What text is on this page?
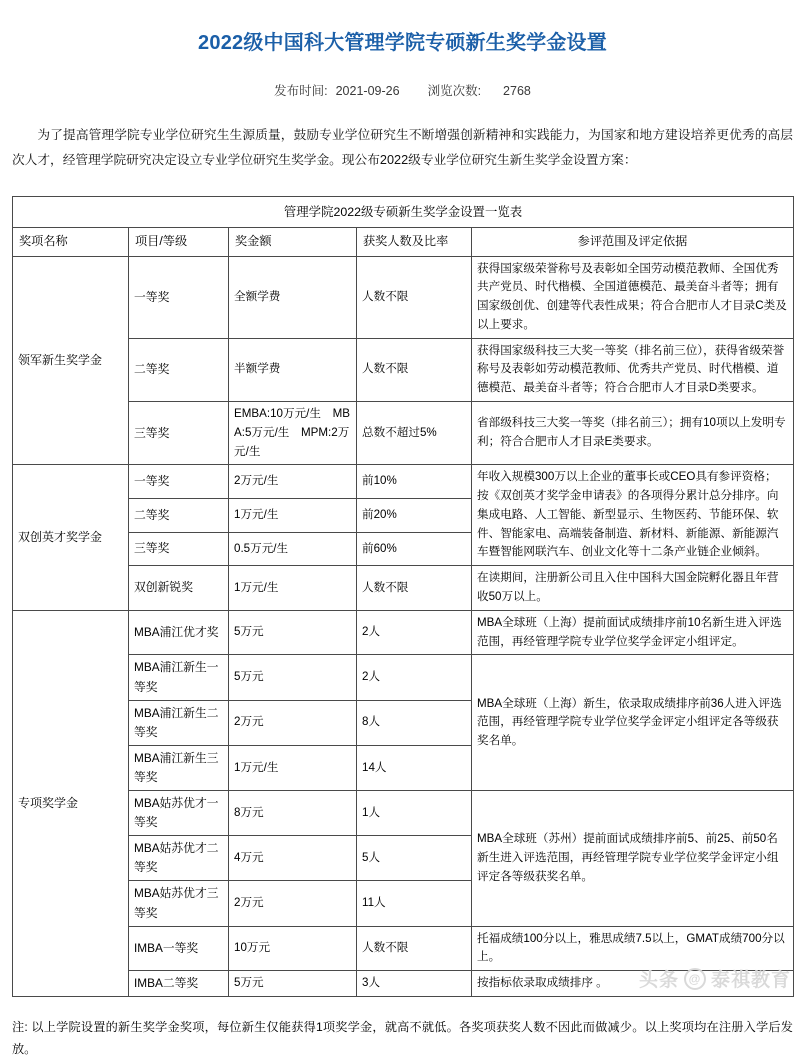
2022级中国科大管理学院专硕新生奖学金设置
发布时间: 2021-09-26 浏览次数: 2768

为了提高管理学院专业学位研究生生源质量，鼓励专业学位研究生不断增强创新精神和实践能力，为国家和地方建设培养更优秀的高层次人才，经管理学院研究决定设立专业学位研究生奖学金。现公布2022级专业学位研究生新生奖学金设置方案：

管理学院2022级专硕新生奖学金设置一览表				
奖项名称	项目/等级	奖金额	获奖人数及比率	参评范围及评定依据
领军新生奖学金	一等奖	全额学费	人数不限	获得国家级荣誉称号及表彰如全国劳动模范教师、全国优秀共产党员、时代楷模、全国道德模范、最美奋斗者等；拥有国家级创优、创建等代表性成果；符合合肥市人才目录C类及以上要求。
	二等奖	半额学费	人数不限	获得国家级科技三大奖一等奖（排名前三位），获得省级荣誉称号及表彰如劳动模范教师、优秀共产党员、时代楷模、道德模范、最美奋斗者等；符合合肥市人才目录D类要求。
	三等奖	EMBA:10万元/生　MBA:5万元/生　MPM:2万元/生	总数不超过5%	省部级科技三大奖一等奖（排名前三）；拥有10项以上发明专利；符合合肥市人才目录E类要求。
双创英才奖学金	一等奖	2万元/生	前10%	年收入规模300万以上企业的董事长或CEO具有参评资格；按《双创英才奖学金申请表》的各项得分累计总分排序。向集成电路、人工智能、新型显示、生物医药、节能环保、软件、智能家电、高端装备制造、新材料、新能源、新能源汽车暨智能网联汽车、创业文化等十二条产业链企业倾斜。
	二等奖	1万元/生	前20%	
	三等奖	0.5万元/生	前60%	
	双创新锐奖	1万元/生	人数不限	在读期间，注册新公司且入住中国科大国金院孵化器且年营收50万以上。
专项奖学金	MBA浦江优才奖	5万元	2人	MBA全球班（上海）提前面试成绩排序前10名新生进入评选范围，再经管理学院专业学位奖学金评定小组评定。
	MBA浦江新生一等奖	5万元	2人	MBA全球班（上海）新生，依录取成绩排序前36人进入评选范围，再经管理学院专业学位奖学金评定小组评定各等级获奖名单。
	MBA浦江新生二等奖	2万元	8人	
	MBA浦江新生三等奖	1万元/生	14人	
	MBA姑苏优才一等奖	8万元	1人	MBA全球班（苏州）提前面试成绩排序前5、前25、前50名新生进入评选范围，再经管理学院专业学位奖学金评定小组评定各等级获奖名单。
	MBA姑苏优才二等奖	4万元	5人	
	MBA姑苏优才三等奖	2万元	11人	
	IMBA一等奖	10万元	人数不限	托福成绩100分以上，雅思成绩7.5以上，GMAT成绩700分以上。
	IMBA二等奖	5万元	3人	按指标依录取成绩排序 。

注: 以上学院设置的新生奖学金奖项，每位新生仅能获得1项奖学金，就高不就低。各奖项获奖人数不因此而做减少。以上奖项均在注册入学后发放。

头条 @ 泰祺教育
